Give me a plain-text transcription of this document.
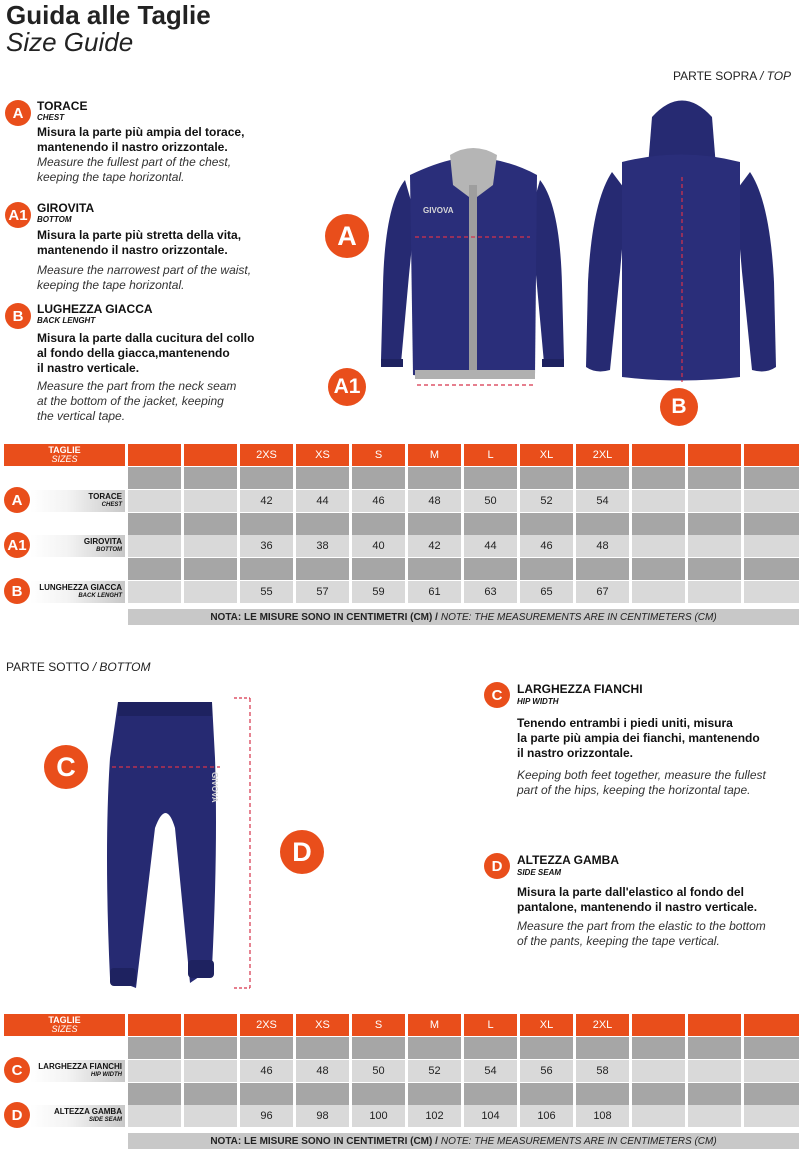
Guida alle Taglie
Size Guide
PARTE SOPRA / TOP
A	TORACE
CHEST
Misura la parte più ampia del torace,
mantenendo il nastro orizzontale.
Measure the fullest part of the chest,
keeping the tape horizontal.
A1 GIROVITA
BOTTOM
Misura la parte più stretta della vita,
mantenendo il nastro orizzontale.
Measure the narrowest part of the waist,
keeping the tape horizontal.
B	LUGHEZZA GIACCA
BACK LENGHT
Misura la parte dalla cucitura del collo
al fondo della giacca,mantenendo
il nastro verticale.
Measure the part from the neck seam
at the bottom of the jacket, keeping
the vertical tape.
GIVOVA
A
A1
B
TAGLIE
SIZES	2XS	XS	S	M	L	XL	2XL
A	TORACE
CHEST	42	44	46	48	50	52	54
A1	GIROVITA
BOTTOM	36	38	40	42	44	46	48
B	LUNGHEZZA GIACCA
BACK LENGHT	55	57	59	61	63	65	67
NOTA: LE MISURE SONO IN CENTIMETRI (CM) / NOTE: THE MEASUREMENTS ARE IN CENTIMETERS (CM)
PARTE SOTTO / BOTTOM
GIVOVA
C
D
C	LARGHEZZA FIANCHI
HIP WIDTH
Tenendo entrambi i piedi uniti, misura
la parte più ampia dei fianchi, mantenendo
il nastro orizzontale.
Keeping both feet together, measure the fullest
part of the hips, keeping the horizontal tape.
D	ALTEZZA GAMBA
SIDE SEAM
Misura la parte dall'elastico al fondo del
pantalone, mantenendo il nastro verticale.
Measure the part from the elastic to the bottom
of the pants, keeping the tape vertical.
TAGLIE
SIZES	2XS	XS	S	M	L	XL	2XL
C	LARGHEZZA FIANCHI
HIP WIDTH	46	48	50	52	54	56	58
D	ALTEZZA GAMBA
SIDE SEAM	96	98	100	102	104	106	108
NOTA: LE MISURE SONO IN CENTIMETRI (CM) / NOTE: THE MEASUREMENTS ARE IN CENTIMETERS (CM)
